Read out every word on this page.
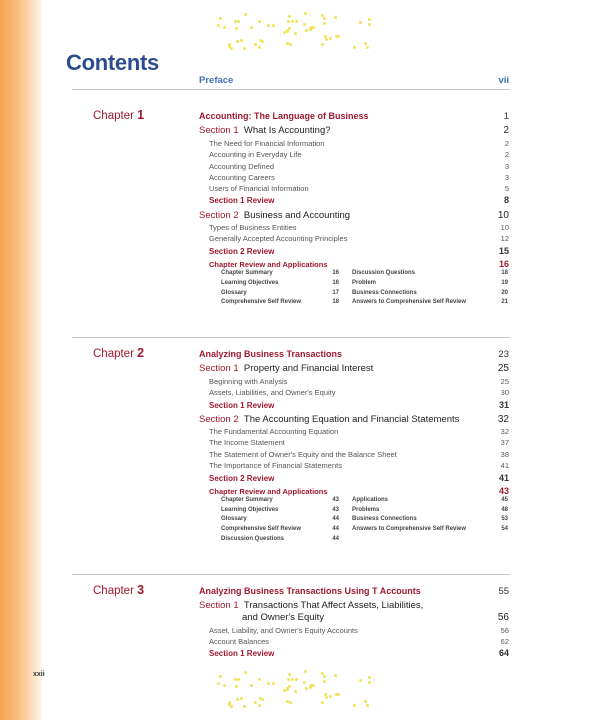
Contents
Preface	vii
Chapter 1	Accounting: The Language of Business	1
Section 1 What Is Accounting?	2
The Need for Financial Information	2
Accounting in Everyday Life	2
Accounting Defined	3
Accounting Careers	3
Users of Financial Information	5
Section 1 Review	8
Section 2 Business and Accounting	10
Types of Business Entities	10
Generally Accepted Accounting Principles	12
Section 2 Review	15
Chapter Review and Applications	16
Chapter Summary	16
Learning Objectives	16
Glossary	17
Comprehensive Self Review	18
Discussion Questions	18
Problem	19
Business Connections	20
Answers to Comprehensive Self Review	21
Chapter 2	Analyzing Business Transactions	23
Section 1 Property and Financial Interest	25
Beginning with Analysis	25
Assets, Liabilities, and Owner's Equity	30
Section 1 Review	31
Section 2 The Accounting Equation and Financial Statements	32
The Fundamental Accounting Equation	32
The Income Statement	37
The Statement of Owner's Equity and the Balance Sheet	38
The Importance of Financial Statements	41
Section 2 Review	41
Chapter Review and Applications	43
Chapter Summary	43
Learning Objectives	43
Glossary	44
Comprehensive Self Review	44
Discussion Questions	44
Applications	45
Problems	48
Business Connections	53
Answers to Comprehensive Self Review	54
Chapter 3	Analyzing Business Transactions Using T Accounts	55
Section 1 Transactions That Affect Assets, Liabilities,
and Owner's Equity	56
Asset, Liability, and Owner's Equity Accounts	56
Account Balances	62
Section 1 Review	64
xxii
